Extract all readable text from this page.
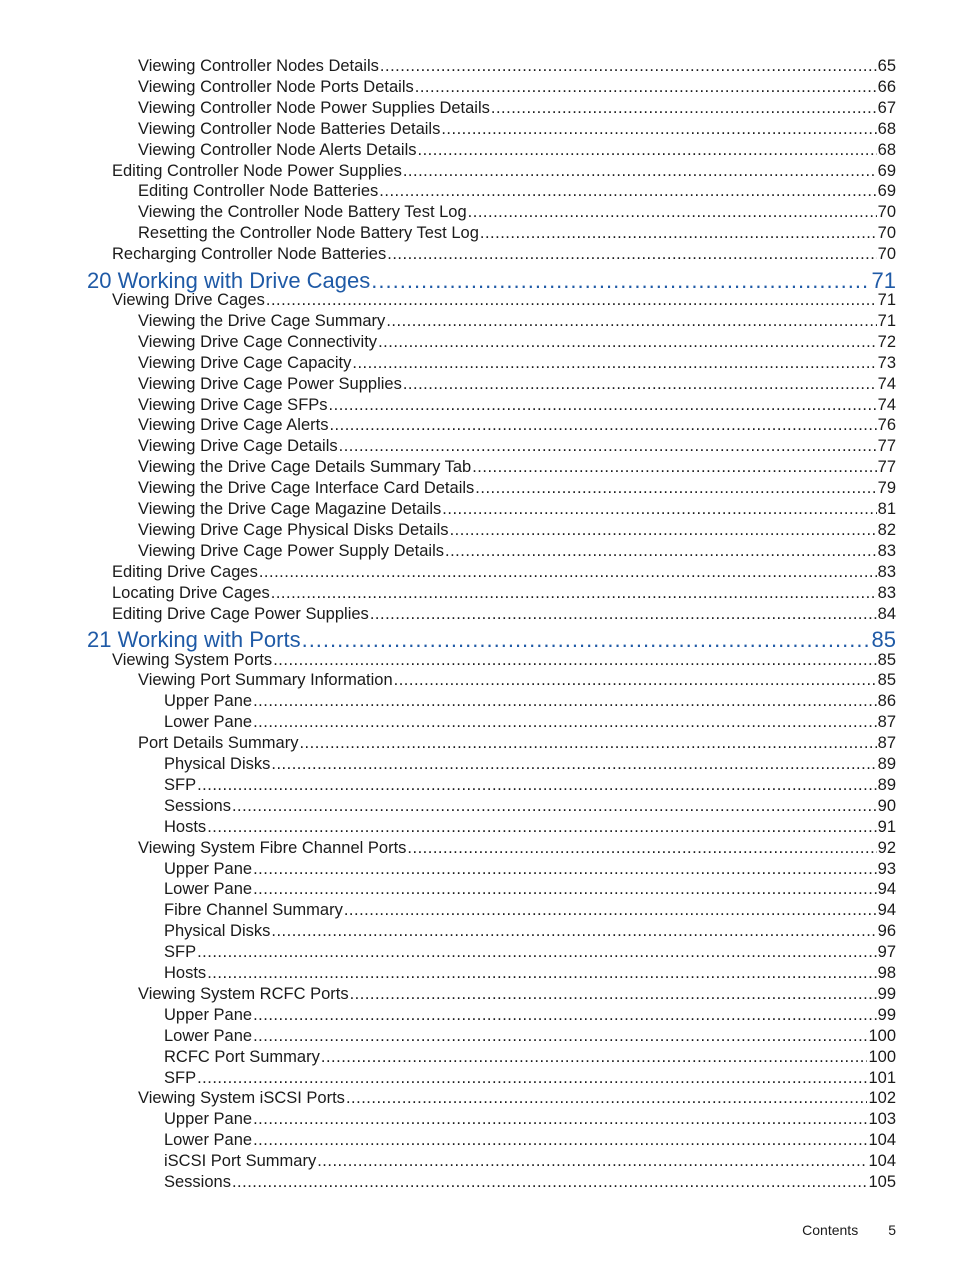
Viewing Controller Nodes Details .....	65
Viewing Controller Node Ports Details .....	66
Viewing Controller Node Power Supplies Details .....	67
Viewing Controller Node Batteries Details .....	68
Viewing Controller Node Alerts Details .....	68
Editing Controller Node Power Supplies .....	69
Editing Controller Node Batteries .....	69
Viewing the Controller Node Battery Test Log .....	70
Resetting the Controller Node Battery Test Log .....	70
Recharging Controller Node Batteries .....	70
20 Working with Drive Cages .....	71
Viewing Drive Cages .....	71
Viewing the Drive Cage Summary .....	71
Viewing Drive Cage Connectivity .....	72
Viewing Drive Cage Capacity .....	73
Viewing Drive Cage Power Supplies .....	74
Viewing Drive Cage SFPs .....	74
Viewing Drive Cage Alerts .....	76
Viewing Drive Cage Details .....	77
Viewing the Drive Cage Details Summary Tab .....	77
Viewing the Drive Cage Interface Card Details .....	79
Viewing the Drive Cage Magazine Details .....	81
Viewing Drive Cage Physical Disks Details .....	82
Viewing Drive Cage Power Supply Details .....	83
Editing Drive Cages .....	83
Locating Drive Cages .....	83
Editing Drive Cage Power Supplies .....	84
21 Working with Ports .....	85
Viewing System Ports .....	85
Viewing Port Summary Information .....	85
Upper Pane .....	86
Lower Pane .....	87
Port Details Summary .....	87
Physical Disks .....	89
SFP .....	89
Sessions .....	90
Hosts .....	91
Viewing System Fibre Channel Ports .....	92
Upper Pane .....	93
Lower Pane .....	94
Fibre Channel Summary .....	94
Physical Disks .....	96
SFP .....	97
Hosts .....	98
Viewing System RCFC Ports .....	99
Upper Pane .....	99
Lower Pane .....	100
RCFC Port Summary .....	100
SFP .....	101
Viewing System iSCSI Ports .....	102
Upper Pane .....	103
Lower Pane .....	104
iSCSI Port Summary .....	104
Sessions .....	105
Contents 5
